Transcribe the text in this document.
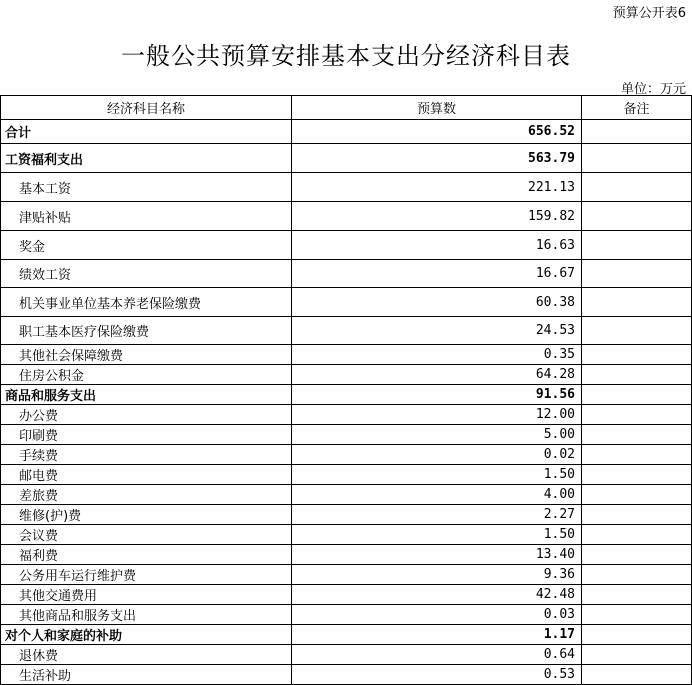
预算公开表6
一般公共预算安排基本支出分经济科目表
单位：万元
经济科目名称	预算数	备注
合计	656.52	
工资福利支出	563.79	
基本工资	221.13	
津贴补贴	159.82	
奖金	16.63	
绩效工资	16.67	
机关事业单位基本养老保险缴费	60.38	
职工基本医疗保险缴费	24.53	
其他社会保障缴费	0.35	
住房公积金	64.28	
商品和服务支出	91.56	
办公费	12.00	
印刷费	5.00	
手续费	0.02	
邮电费	1.50	
差旅费	4.00	
维修(护)费	2.27	
会议费	1.50	
福利费	13.40	
公务用车运行维护费	9.36	
其他交通费用	42.48	
其他商品和服务支出	0.03	
对个人和家庭的补助	1.17	
退休费	0.64	
生活补助	0.53	
